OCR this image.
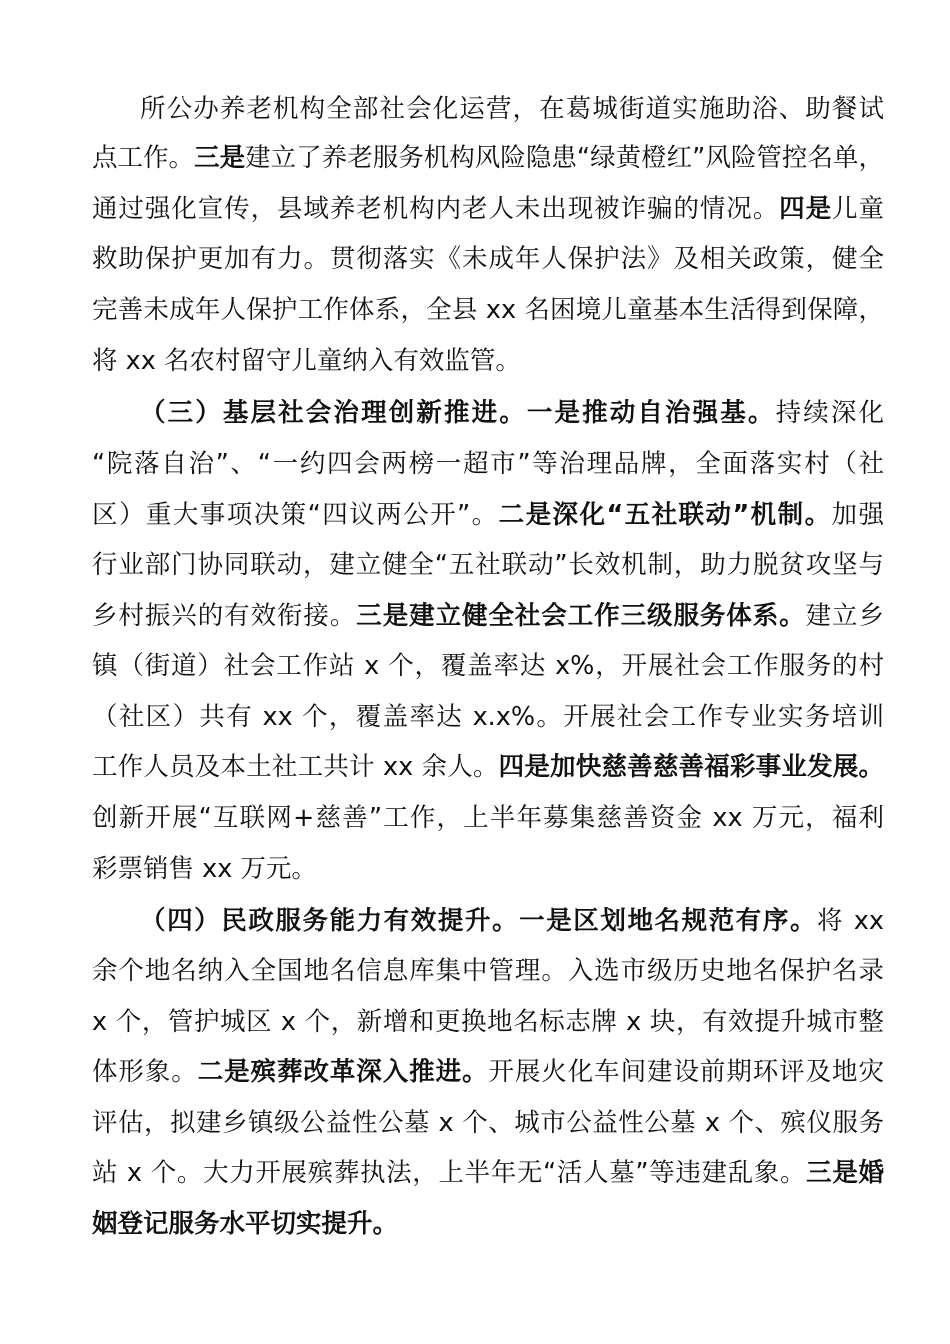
所公办养老机构全部社会化运营，在葛城街道实施助浴、助餐试
点工作。三是建立了养老服务机构风险隐患“绿黄橙红”风险管控名单，
通过强化宣传，县域养老机构内老人未出现被诈骗的情况。四是儿童
救助保护更加有力。贯彻落实《未成年人保护法》及相关政策，健全
完善未成年人保护工作体系，全县 xx 名困境儿童基本生活得到保障，
将 xx 名农村留守儿童纳入有效监管。
（三）基层社会治理创新推进。一是推动自治强基。持续深化
“院落自治”、“一约四会两榜一超市”等治理品牌，全面落实村（社
区）重大事项决策“四议两公开”。二是深化“五社联动”机制。加强
行业部门协同联动，建立健全“五社联动”长效机制，助力脱贫攻坚与
乡村振兴的有效衔接。三是建立健全社会工作三级服务体系。建立乡
镇（街道）社会工作站 x 个，覆盖率达 x%，开展社会工作服务的村
（社区）共有 xx 个，覆盖率达 x.x%。开展社会工作专业实务培训
工作人员及本土社工共计 xx 余人。四是加快慈善慈善福彩事业发展。
创新开展“互联网+慈善”工作，上半年募集慈善资金 xx 万元，福利
彩票销售 xx 万元。
（四）民政服务能力有效提升。一是区划地名规范有序。将 xx
余个地名纳入全国地名信息库集中管理。入选市级历史地名保护名录
x 个，管护城区 x 个，新增和更换地名标志牌 x 块，有效提升城市整
体形象。二是殡葬改革深入推进。开展火化车间建设前期环评及地灾
评估，拟建乡镇级公益性公墓 x 个、城市公益性公墓 x 个、殡仪服务
站 x 个。大力开展殡葬执法，上半年无“活人墓”等违建乱象。三是婚
姻登记服务水平切实提升。
